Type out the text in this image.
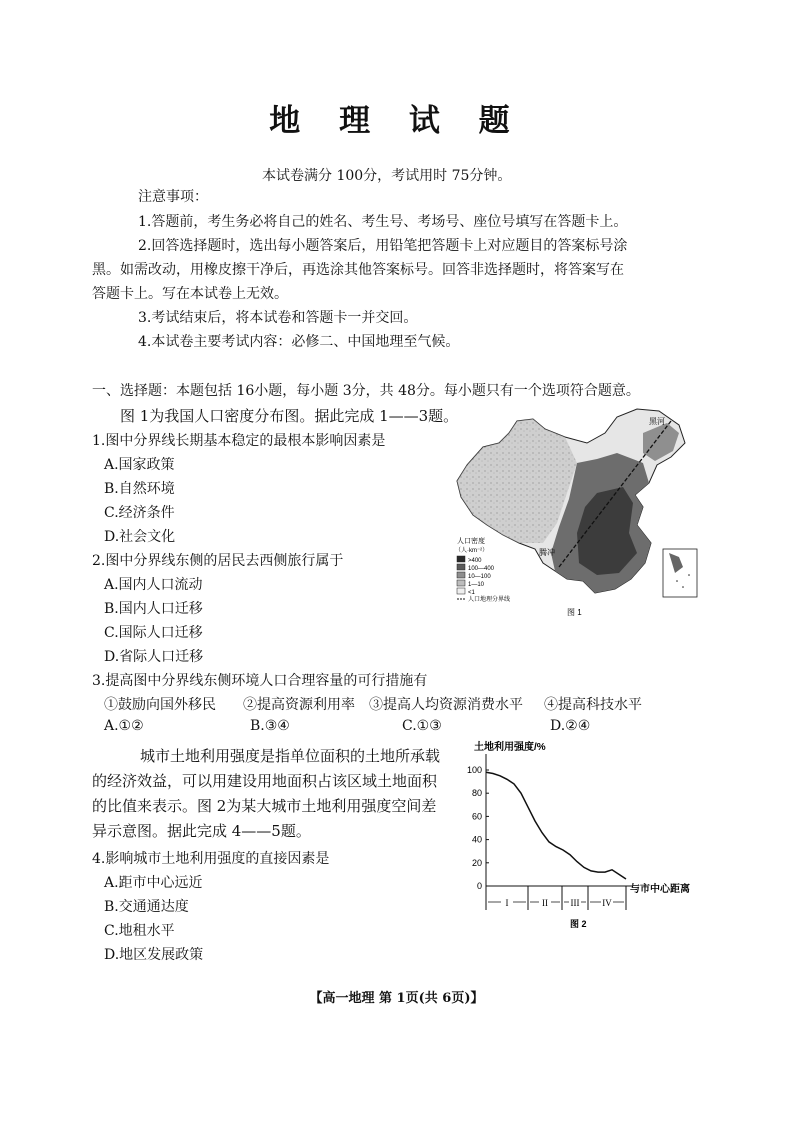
地 理 试 题
本试卷满分 100分，考试用时 75分钟。
注意事项：
1.答题前，考生务必将自己的姓名、考生号、考场号、座位号填写在答题卡上。
2.回答选择题时，选出每小题答案后，用铅笔把答题卡上对应题目的答案标号涂
黑。如需改动，用橡皮擦干净后，再选涂其他答案标号。回答非选择题时，将答案写在
答题卡上。写在本试卷上无效。
3.考试结束后，将本试卷和答题卡一并交回。
4.本试卷主要考试内容：必修二、中国地理至气候。
一、选择题：本题包括 16小题，每小题 3分，共 48分。每小题只有一个选项符合题意。
图 1为我国人口密度分布图。据此完成 1——3题。
1.图中分界线长期基本稳定的最根本影响因素是
A.国家政策
B.自然环境
C.经济条件
D.社会文化
2.图中分界线东侧的居民去西侧旅行属于
A.国内人口流动
B.国内人口迁移
C.国际人口迁移
D.省际人口迁移
3.提高图中分界线东侧环境人口合理容量的可行措施有
①鼓励向国外移民 ②提高资源利用率 ③提高人均资源消费水平 ④提高科技水平
A.①②	B.③④	C.①③	D.②④
城市土地利用强度是指单位面积的土地所承载
的经济效益，可以用建设用地面积占该区域土地面积
的比值来表示。图 2为某大城市土地利用强度空间差
异示意图。据此完成 4——5题。
4.影响城市土地利用强度的直接因素是
A.距市中心远近
B.交通通达度
C.地租水平
D.地区发展政策
黑河
腾冲
人口密度
（人·km⁻²）
>400
100—400
10—100
1—10
<1
人口地理分界线
图 1
土地利用强度/%
与市中心距离
图 2
0
20
40
60
80
100
I	II	III	IV
【高一地理 第 1页(共 6页)】
